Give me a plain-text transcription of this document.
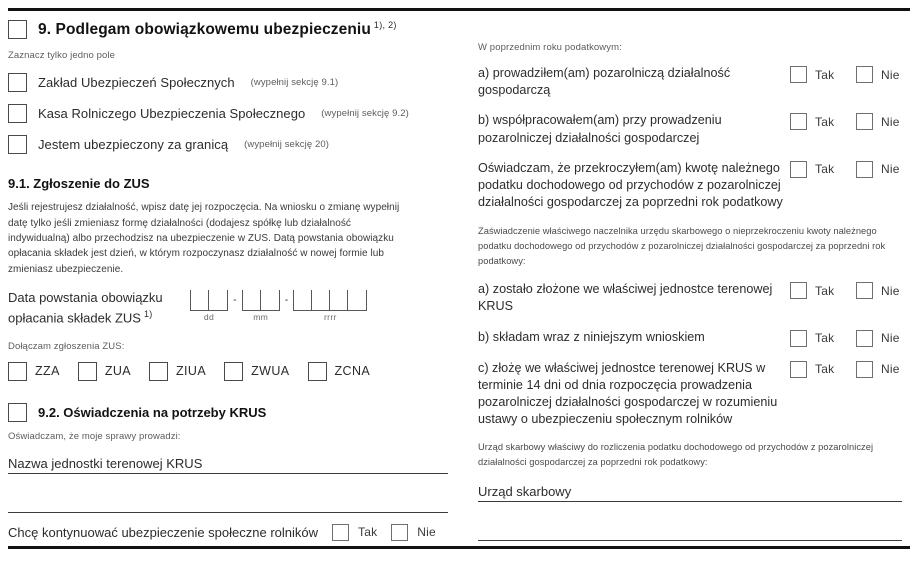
9. Podlegam obowiązkowemu ubezpieczeniu $^{1), 2)}$
Zaznacz tylko jedno pole
Zakład Ubezpieczeń Społecznych (wypełnij sekcję 9.1)
Kasa Rolniczego Ubezpieczenia Społecznego (wypełnij sekcję 9.2)
Jestem ubezpieczony za granicą (wypełnij sekcję 20)
9.1. Zgłoszenie do ZUS
Jeśli rejestrujesz działalność, wpisz datę jej rozpoczęcia. Na wniosku o zmianę wypełnij datę tylko jeśli zmieniasz formę działalności (dodajesz spółkę lub działalność indywidualną) albo przechodzisz na ubezpieczenie w ZUS. Datą powstania obowiązku opłacania składek jest dzień, w którym rozpoczynasz działalność w nowej formie lub zmieniasz ubezpieczenie.
Data powstania obowiązku
opłacania składek ZUS $^{1)}$	dd
-
mm
-
rrrr
Dołączam zgłoszenia ZUS:
ZZA	ZUA	ZIUA	ZWUA	ZCNA
9.2. Oświadczenia na potrzeby KRUS
Oświadczam, że moje sprawy prowadzi:
Nazwa jednostki terenowej KRUS
Chcę kontynuować ubezpieczenie społeczne rolników	Tak	Nie
W poprzednim roku podatkowym:
a) prowadziłem(am) pozarolniczą działalność gospodarczą
Tak	Nie
b) współpracowałem(am) przy prowadzeniu pozarolniczej działalności gospodarczej
Tak	Nie
Oświadczam, że przekroczyłem(am) kwotę należnego podatku dochodowego od przychodów z pozarolniczej działalności gospodarczej za poprzedni rok podatkowy
Tak	Nie
Zaświadczenie właściwego naczelnika urzędu skarbowego o nieprzekroczeniu kwoty należnego podatku dochodowego od przychodów z pozarolniczej działalności gospodarczej za poprzedni rok podatkowy:
a) zostało złożone we właściwej jednostce terenowej KRUS
Tak	Nie
b) składam wraz z niniejszym wnioskiem	Tak	Nie
c) złożę we właściwej jednostce terenowej KRUS w terminie 14 dni od dnia rozpoczęcia prowadzenia pozarolniczej działalności gospodarczej w rozumieniu ustawy o ubezpieczeniu społecznym rolników
Tak	Nie
Urząd skarbowy właściwy do rozliczenia podatku dochodowego od przychodów z pozarolniczej działalności gospodarczej za poprzedni rok podatkowy:
Urząd skarbowy
